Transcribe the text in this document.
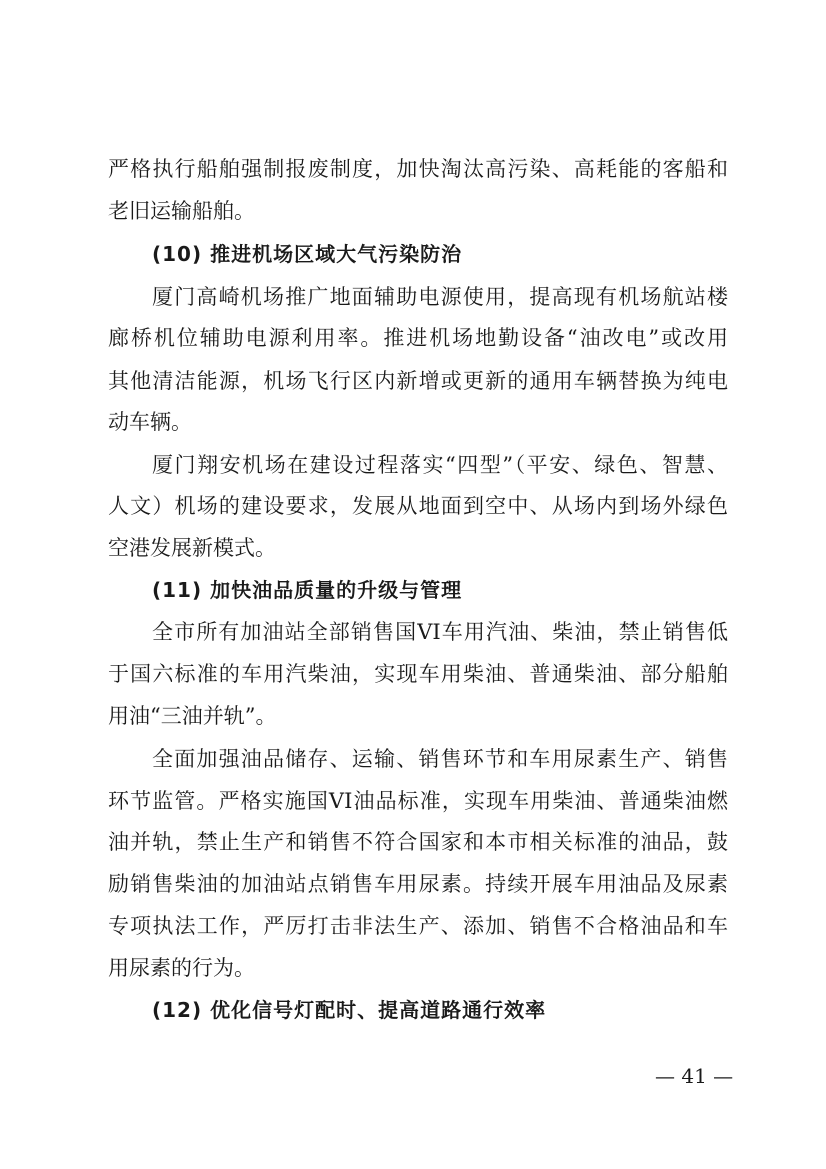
严格执行船舶强制报废制度，加快淘汰高污染、高耗能的客船和
老旧运输船舶。
(10) 推进机场区域大气污染防治
厦门高崎机场推广地面辅助电源使用，提高现有机场航站楼
廊桥机位辅助电源利用率。推进机场地勤设备“油改电”或改用
其他清洁能源，机场飞行区内新增或更新的通用车辆替换为纯电
动车辆。
厦门翔安机场在建设过程落实“四型”（平安、绿色、智慧、
人文）机场的建设要求，发展从地面到空中、从场内到场外绿色
空港发展新模式。
(11) 加快油品质量的升级与管理
全市所有加油站全部销售国VI车用汽油、柴油，禁止销售低
于国六标准的车用汽柴油，实现车用柴油、普通柴油、部分船舶
用油“三油并轨”。
全面加强油品储存、运输、销售环节和车用尿素生产、销售
环节监管。严格实施国VI油品标准，实现车用柴油、普通柴油燃
油并轨，禁止生产和销售不符合国家和本市相关标准的油品，鼓
励销售柴油的加油站点销售车用尿素。持续开展车用油品及尿素
专项执法工作，严厉打击非法生产、添加、销售不合格油品和车
用尿素的行为。
(12) 优化信号灯配时、提高道路通行效率
— 41 —
